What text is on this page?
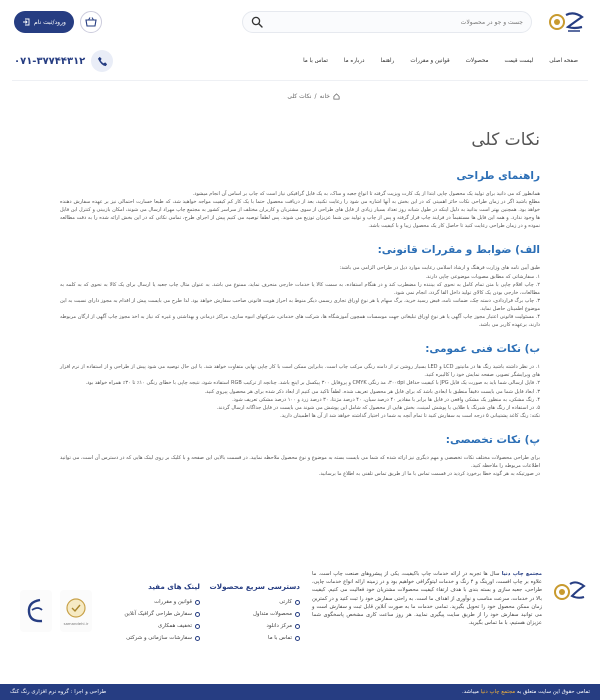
جست و جو در محصولات
ورود/ثبت نام
صفحه اصلی
لیست قیمت
محصولات
قوانین و مقررات
راهنما
درباره ما
تماس با ما
۰۷۱-۳۷۷۴۴۳۱۲
خانه
/
نکات کلی
نکات کلی
راهنمای طراحی

همانطور که می دانید برای تولید یک محصول چاپی ابتدا از یک کارت ویزیت گرفته تا انواع جعبه و ساک، به یک فایل گرافیکی نیاز است که چاپ بر اساس آن انجام میشود.

مطلع باشید اگر در زمان طراحی نکات حائز اهمیتی که در این بخش به آنها اشاره می شود را رعایت نکنید، بعد از دریافت محصول حتما با یک کار کم کیفیت مواجه خواهید شد، که طبعا خسارت احتمالی نیز بر عهده سفارش دهنده خواهد بود. همچنین بهتر است بدانید به دلیل اینکه در طول شبانه روز تعداد بسیار زیادی از فایل های طراحی از سوی مشتریان و کاربران مختلف از سراسر کشور به مجتمع چاپ مهراد ارسال می شوند، امکان بازبینی و کنترل این فایل ها وجود ندارد. و همه این فایل ها مستقیماً در فرایند چاپ قرار گرفته و پس از چاپ و تولید بین شما عزیزان توزیع می شوند. پس لطفاً توصیه می کنیم پیش از اجرای طرح، تمامی نکاتی که در این بخش ارائه شده را به دقت مطالعه نموده و در زمان طراحی رعایت کنید تا حاصل کار یک محصول زیبا و با کیفیت باشد.

الف) ضوابط و مقررات قانونی:

طبق آیین نامه های وزارت فرهنگ و ارشاد اسلامی رعایت موارد ذیل در طراحی الزامی می باشد:

۱. سفارشاتی که مطابق مصوبات موضوعی چاپی دارند.

۲. چاپ اقلام چاپی با متن تمام کامل به نحوی که بیننده را مضطرب کند و در هنگام استفاده، به سمت کالا یا خدمات خارجی منحرف نماید، ممنوع می باشد. به عنوان مثال چاپ جعبه یا ارسال برای یک کالا به نحوی که به کلمه به مطالعات، خارجی بودن یک کالای تولید داخل القا گردد، انجام نمی شود.

۳. چاپ برگ قراردادی، دسته چک، ضمانت نامه، قبض رسید خرید، برگ سهام یا هر نوع اوراق تجاری رسمی دیگر منوط به احراز هویت قانونی صاحب سفارش خواهد بود. لذا طرح می بایست پیش از اقدام به مجوز دارای نسبت به این موضوع اطمینان حاصل نماید.

۴. مسئولیت قانونی اعتبار مجوز چاپ آگهی یا هر نوع اوراق تبلیغاتی جهت موسسات همچون آموزشگاه ها، شرکت های خدماتی، شرکتهای انبوه سازی، مراکز درمانی و بهداشتی و غیره که نیاز به اخذ مجوز چاپ آگهی از ارگان مربوطه دارند، برعهده کاربر می باشد.

ب) نکات فنی عمومی:

۱. در نظر داشته باشید رنگ ها در مانیتور LCD و LED بسیار روشن تر از دامنه رنگی مرکب چاپ است. بنابراین ممکن است با کار چاپی نهایی متفاوت خواهد شد. با این حال توصیه می شود پیش از طراحی و از استفاده از نرم افزار های ویرایشگر تصویر، صفحه نمایش خود را کالیبره کنید.

۲. فایل ارسالی شما باید به صورت یک فایل JPG با کیفیت حداقل ۳۰۰dpi، مد رنگی CMYK و پروفایل ۳۰۰ پیکسل بر اینچ باشد. چنانچه از ترکیب RGB استفاده شود، نتیجه چاپی با خطای رنگی ۱۰٪ تا ۳۰٪ همراه خواهد بود.

۳. ابعاد فایل شما می بایست دقیقاً منطبق با ابعادی باشد که برای فایل هر محصول تعریف شده. لطفاً تاکید می کنیم از ابعاد ذکر شده برای هر محصول پیروی کنید.

۴. رنگ مشکی، به منظور یک مشکی واقعی در فایل ها برابر با مقادیر ۴۰ درصد سیان، ۴۰ درصد مژنتا، ۳۰ درصد زرد و ۱۰۰ درصد مشکی تعریف شود.

۵. در استفاده از رنگ های شبرنگ یا طلایی یا پوشش لمینت، بخش هایی از محصول که شامل این پوشش می شوند می بایست در فایل جداگانه ارسال گردند.

نکته: رنگ کاغذ پشتیبانی ۵ درجه است به سفارش کنید تا تمام آنچه به شما در اختیار گذاشته خواهد شد از آن ها اطمینان دارید.

پ) نکات تخصصی:

برای طراحی محصولات مختلف نکات تخصصی و مهم دیگری نیز ارائه شده که شما می بایست بسته به موضوع و نوع محصول ملاحظه نمایید. در قسمت بالایی این صفحه و با کلیک بر روی لینک هایی که در دسترس آن است، می توانید اطلاعات مربوطه را ملاحظه کنید.

در صورتیکه به هر گونه خطا برخورد کردید در قسمت تماس با ما از طریق تماس تلفنی به اطلاع ما برسانید.

مجتمع چاپ دنیا سال ها تجربه در ارائه خدمات چاپ باکیفیت، یکی از پیشروهای صنعت چاپ است. ما علاوه بر چاپ افست، اورینگ و ۴ رنگ و خدمات لیتوگرافی خواهیم بود و در زمینه ارائه انواع خدمات چاپی، طراحی، جعبه سازی و بسته بندی با هدف ارتقاء کیفیت محصولات مشتریان خود فعالیت می کنیم. کیفیت بالا در خدمات، سرعت مناسب و نوآوری از اهداف ما است. به راحتی سفارش خود را ثبت کنید و در کمترین زمان ممکن محصول خود را تحویل بگیرید. تمامی خدمات ما به صورت آنلاین قابل ثبت و سفارش است و می توانید سفارش خود را از طریق سایت پیگیری نمایید. هر روز ساعت کاری مشخص پاسخگوی شما عزیزان هستیم، با ما تماس بگیرید.

دسترسی سریع محصولات
کارتی
محصولات متداول
مرکز دانلود
تماس با ما
لینک های مفید
قوانین و مقررات
سفارش طراحی گرافیک آنلاین
تخفیف همکاری
سفارشات سازمانی و شرکتی
samandehi.ir
تمامی حقوق این سایت متعلق به مجتمع چاپ دنیا میباشد.
طراحی و اجرا : گروه نرم افزاری رنگ کنگ
